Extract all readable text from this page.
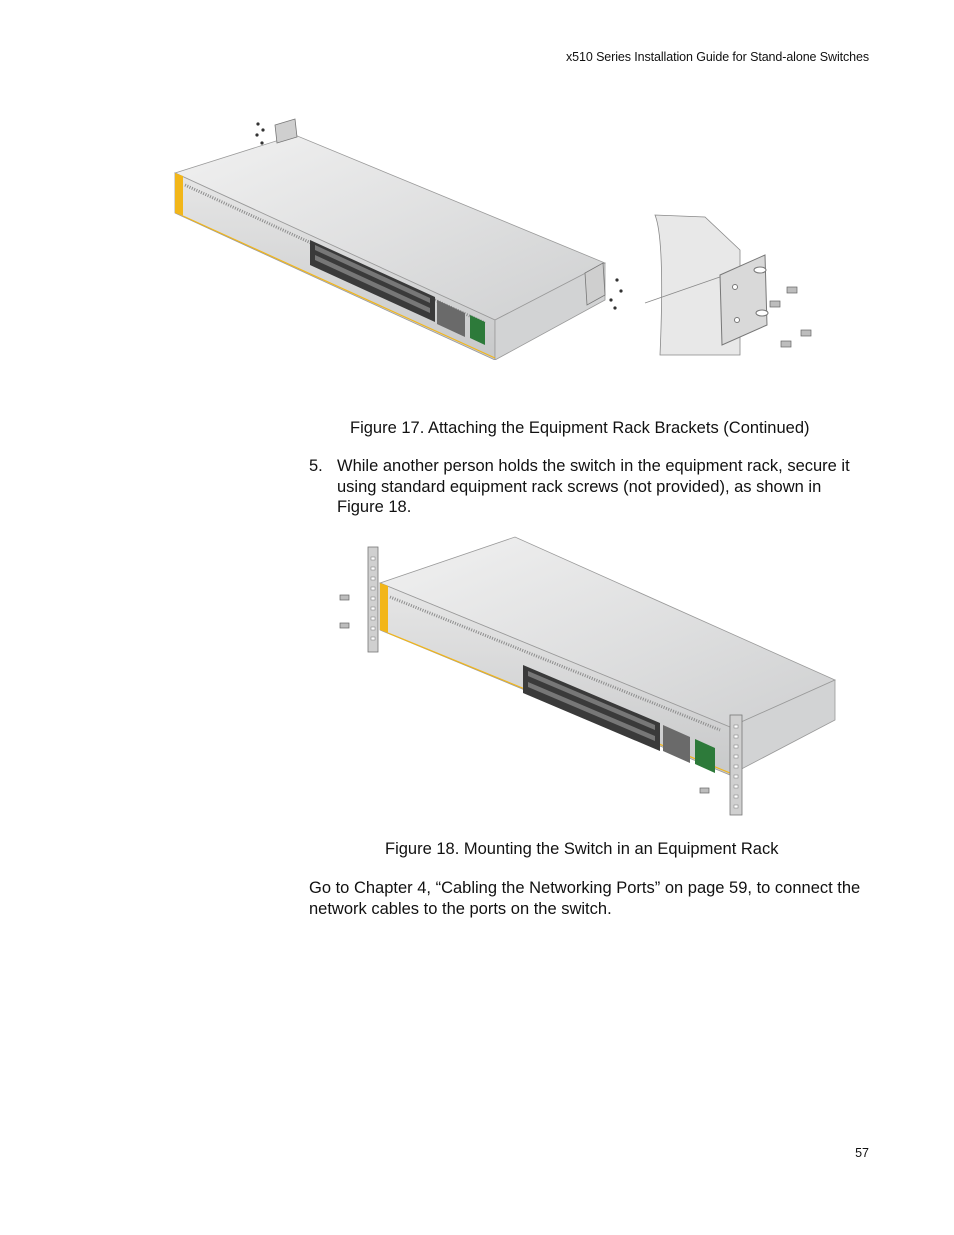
x510 Series Installation Guide for Stand-alone Switches
Figure 17. Attaching the Equipment Rack Brackets (Continued)
5. While another person holds the switch in the equipment rack, secure it using standard equipment rack screws (not provided), as shown in Figure 18.
Figure 18. Mounting the Switch in an Equipment Rack
Go to Chapter 4, “Cabling the Networking Ports” on page 59, to connect the network cables to the ports on the switch.
57
